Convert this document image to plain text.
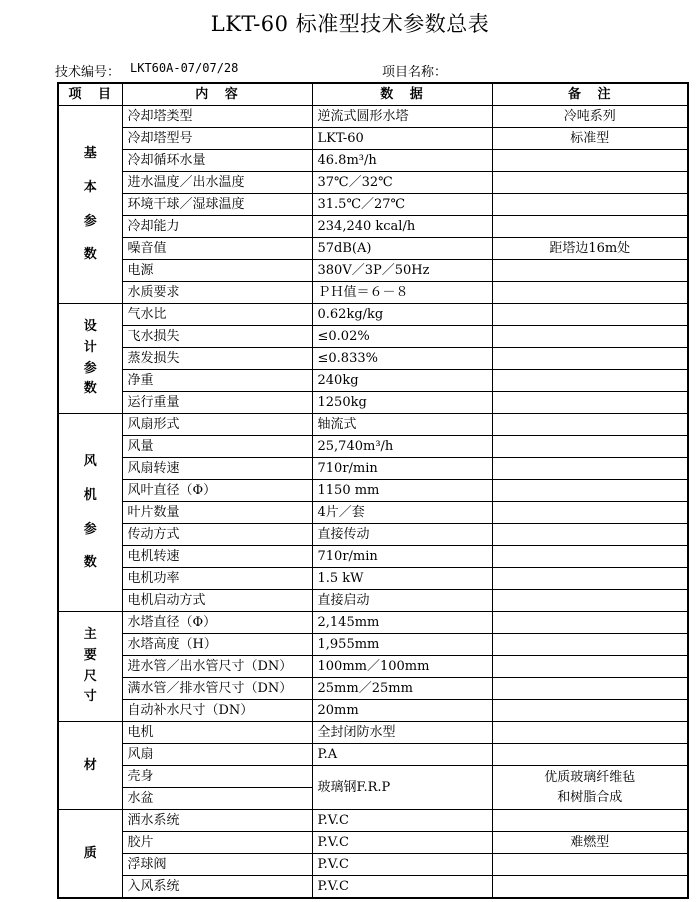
LKT-60 标准型技术参数总表
技术编号： LKT60A-07/07/28	项目名称：
项 目	内 容	数 据	备 注
基
本
参
数	冷却塔类型	逆流式圆形水塔	冷吨系列
	冷却塔型号	LKT-60	标准型
	冷却循环水量	46.8m³/h	
	进水温度／出水温度	37℃／32℃	
	环境干球／湿球温度	31.5℃／27℃	
	冷却能力	234,240 kcal/h	
	噪音值	57dB(A)	距塔边16m处
	电源	380V／3P／50Hz	
	水质要求	ＰＨ值＝６－８	
设
计
参
数	气水比	0.62kg/kg	
	飞水损失	≤0.02%	
	蒸发损失	≤0.833%	
	净重	240kg	
	运行重量	1250kg	
风
机
参
数	风扇形式	轴流式	
	风量	25,740m³/h	
	风扇转速	710r/min	
	风叶直径（Φ）	1150 mm	
	叶片数量	4片／套	
	传动方式	直接传动	
	电机转速	710r/min	
	电机功率	1.5 kW	
	电机启动方式	直接启动	
主
要
尺
寸	水塔直径（Φ）	2,145mm	
	水塔高度（H）	1,955mm	
	进水管／出水管尺寸（DN）	100mm／100mm	
	满水管／排水管尺寸（DN）	25mm／25mm	
	自动补水尺寸（DN）	20mm	
材	电机	全封闭防水型	
	风扇	P.A	
	壳身	玻璃钢F.R.P	优质玻璃纤维毡
和树脂合成
	水盆		
质	洒水系统	P.V.C	
	胶片	P.V.C	难燃型
	浮球阀	P.V.C	
	入风系统	P.V.C	
